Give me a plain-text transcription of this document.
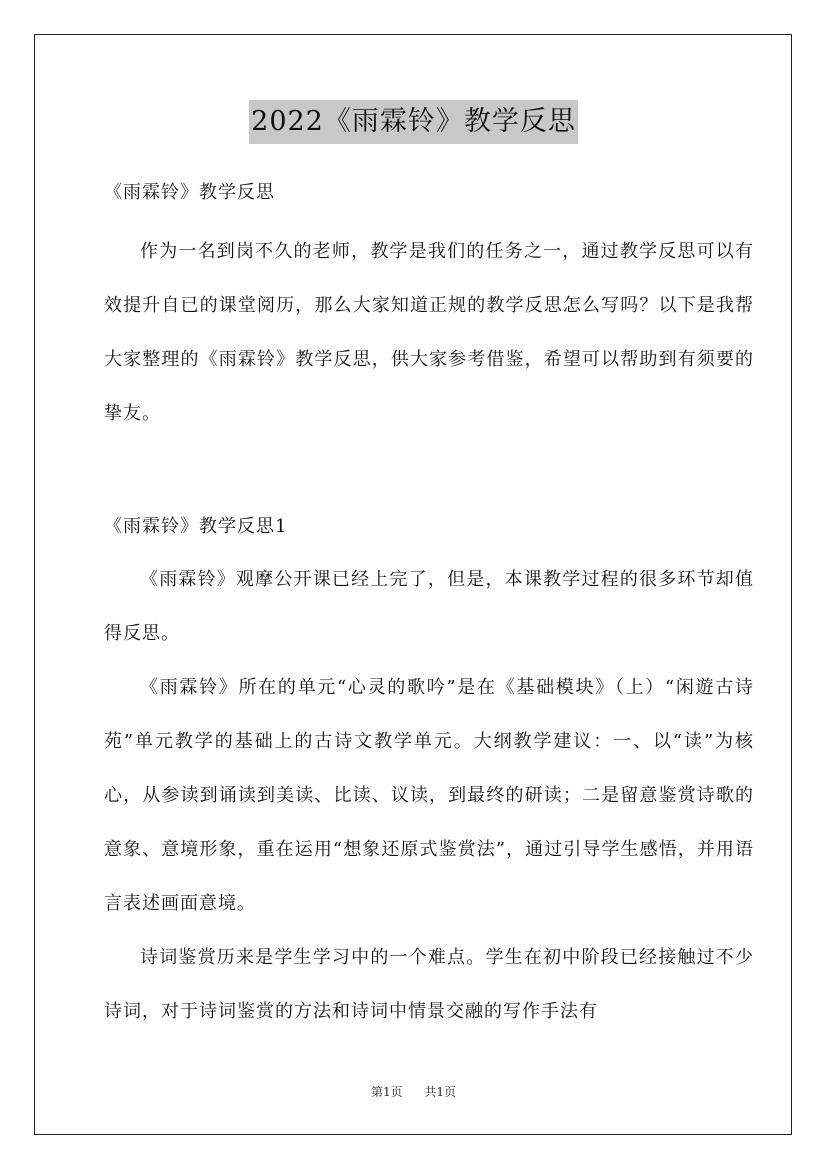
2022《雨霖铃》教学反思

《雨霖铃》教学反思

作为一名到岗不久的老师，教学是我们的任务之一，通过教学反思可以有效提升自已的课堂阅历，那么大家知道正规的教学反思怎么写吗？以下是我帮大家整理的《雨霖铃》教学反思，供大家参考借鉴，希望可以帮助到有须要的挚友。

《雨霖铃》教学反思1

《雨霖铃》观摩公开课已经上完了，但是，本课教学过程的很多环节却值得反思。

《雨霖铃》所在的单元“心灵的歌吟”是在《基础模块》（上）“闲遊古诗苑”单元教学的基础上的古诗文教学单元。大纲教学建议：一、以“读”为核心，从参读到诵读到美读、比读、议读，到最终的研读；二是留意鉴赏诗歌的意象、意境形象，重在运用“想象还原式鉴赏法”，通过引导学生感悟，并用语言表述画面意境。

诗词鉴赏历来是学生学习中的一个难点。学生在初中阶段已经接触过不少诗词，对于诗词鉴赏的方法和诗词中情景交融的写作手法有

第1页 共1页
